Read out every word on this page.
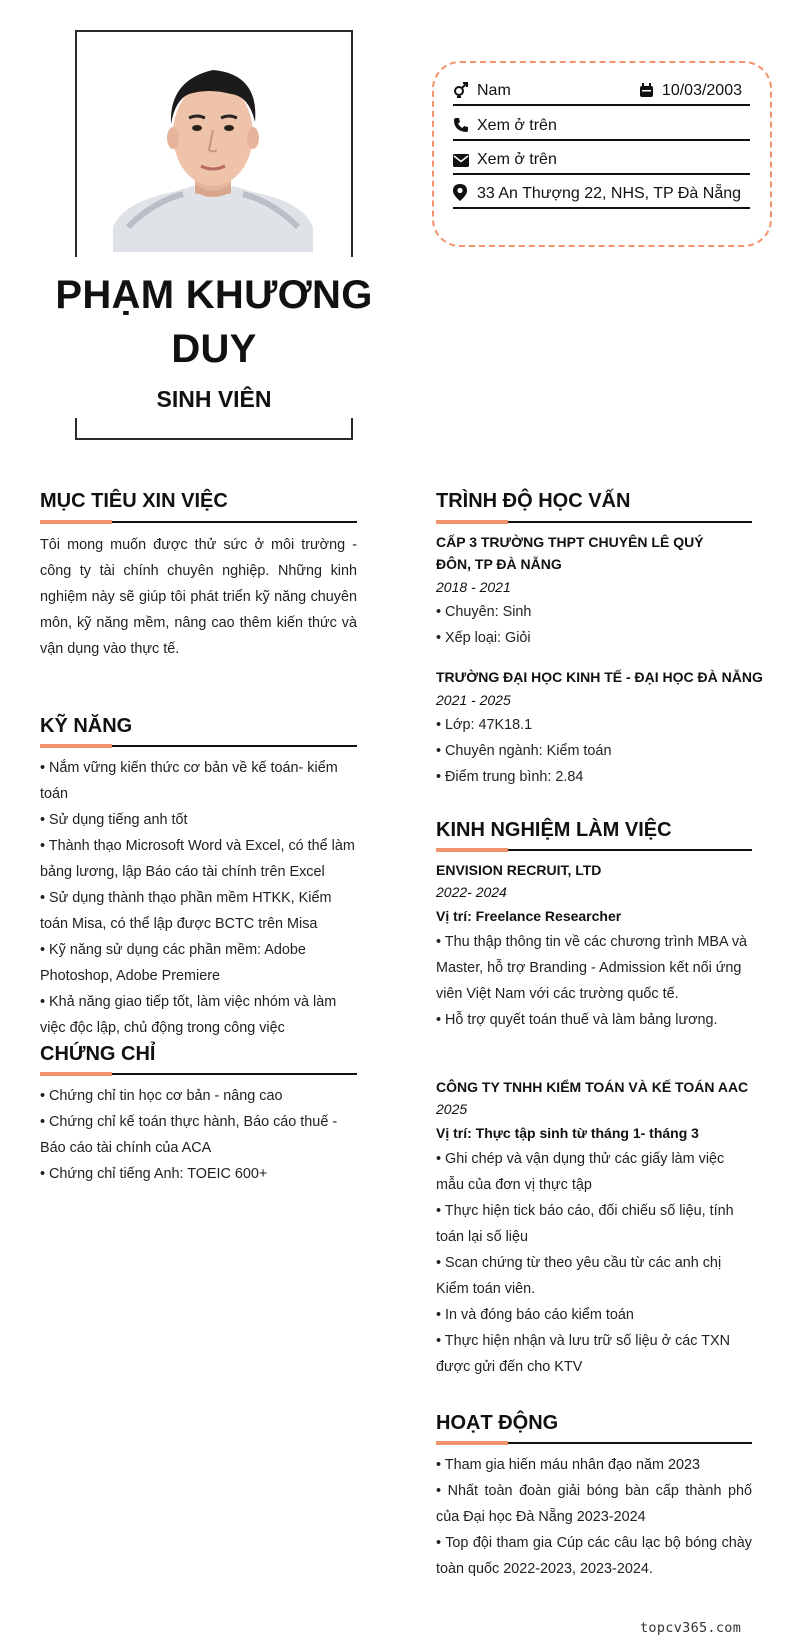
PHẠM KHƯƠNG
DUY
SINH VIÊN
Nam	10/03/2003
Xem ở trên
Xem ở trên
33 An Thượng 22, NHS, TP Đà Nẵng
MỤC TIÊU XIN VIỆC
Tôi mong muốn được thử sức ở môi trường - công ty tài chính chuyên nghiệp. Những kinh nghiệm này sẽ giúp tôi phát triển kỹ năng chuyên môn, kỹ năng mềm, nâng cao thêm kiến thức và vận dụng vào thực tế.
KỸ NĂNG
• Nắm vững kiến thức cơ bản về kế toán- kiểm toán
• Sử dụng tiếng anh tốt
• Thành thạo Microsoft Word và Excel, có thể làm bảng lương, lập Báo cáo tài chính trên Excel
• Sử dụng thành thạo phần mềm HTKK, Kiểm toán Misa, có thể lập được BCTC trên Misa
• Kỹ năng sử dụng các phần mềm: Adobe Photoshop, Adobe Premiere
• Khả năng giao tiếp tốt, làm việc nhóm và làm việc độc lập, chủ động trong công việc
CHỨNG CHỈ
• Chứng chỉ tin học cơ bản - nâng cao
• Chứng chỉ kế toán thực hành, Báo cáo thuế - Báo cáo tài chính của ACA
• Chứng chỉ tiếng Anh: TOEIC 600+
TRÌNH ĐỘ HỌC VẤN
CẤP 3 TRƯỜNG THPT CHUYÊN LÊ QUÝ ĐÔN, TP ĐÀ NẴNG
2018 - 2021
• Chuyên: Sinh
• Xếp loại: Giỏi
TRƯỜNG ĐẠI HỌC KINH TẾ - ĐẠI HỌC ĐÀ NẴNG
2021 - 2025
• Lớp: 47K18.1
• Chuyên ngành: Kiểm toán
• Điểm trung bình: 2.84
KINH NGHIỆM LÀM VIỆC
ENVISION RECRUIT, LTD
2022- 2024
Vị trí: Freelance Researcher
• Thu thập thông tin về các chương trình MBA và Master, hỗ trợ Branding - Admission kết nối ứng viên Việt Nam với các trường quốc tế.
• Hỗ trợ quyết toán thuế và làm bảng lương.
CÔNG TY TNHH KIỂM TOÁN VÀ KẾ TOÁN AAC
2025
Vị trí: Thực tập sinh từ tháng 1- tháng 3
• Ghi chép và vận dụng thử các giấy làm việc mẫu của đơn vị thực tập
• Thực hiện tick báo cáo, đối chiếu số liệu, tính toán lại số liệu
• Scan chứng từ theo yêu cầu từ các anh chị Kiểm toán viên.
• In và đóng báo cáo kiểm toán
• Thực hiện nhận và lưu trữ số liệu ở các TXN được gửi đến cho KTV
HOẠT ĐỘNG
• Tham gia hiến máu nhân đạo năm 2023
• Nhất toàn đoàn giải bóng bàn cấp thành phố của Đại học Đà Nẵng 2023-2024
• Top đội tham gia Cúp các câu lạc bộ bóng chày toàn quốc 2022-2023, 2023-2024.
topcv365.com
